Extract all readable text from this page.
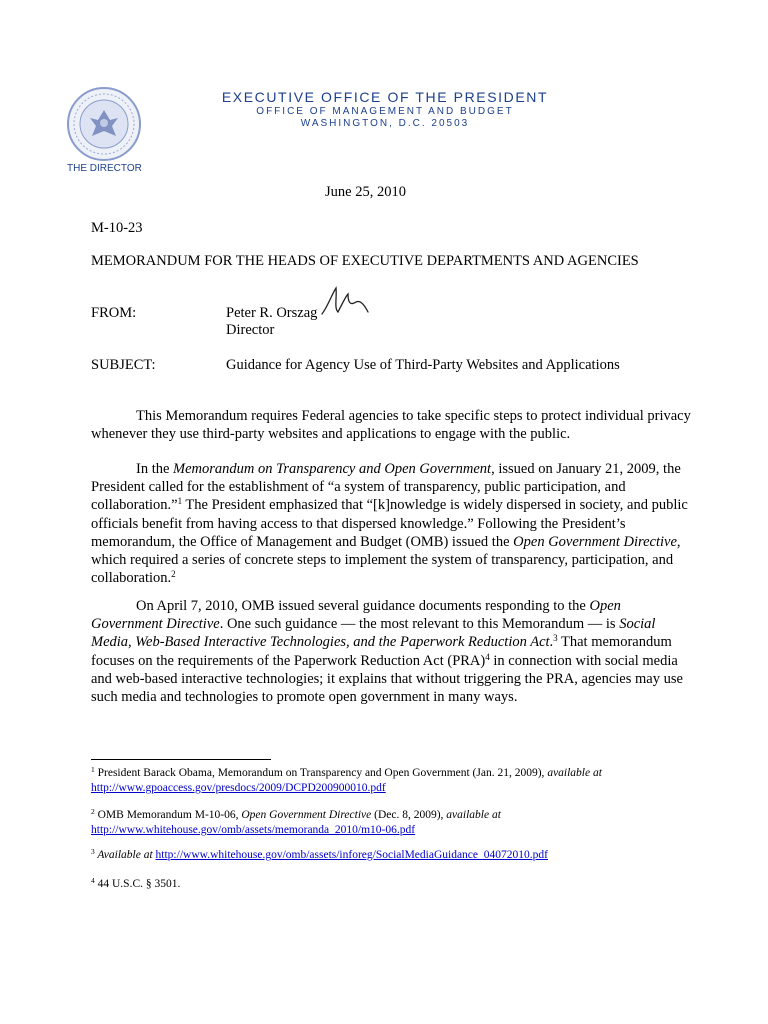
THE DIRECTOR
EXECUTIVE OFFICE OF THE PRESIDENT
OFFICE OF MANAGEMENT AND BUDGET
WASHINGTON, D.C. 20503
June 25, 2010
M-10-23
MEMORANDUM FOR THE HEADS OF EXECUTIVE DEPARTMENTS AND AGENCIES
FROM:	Peter R. Orszag
Director
SUBJECT:	Guidance for Agency Use of Third-Party Websites and Applications
This Memorandum requires Federal agencies to take specific steps to protect individual privacy whenever they use third-party websites and applications to engage with the public.
In the Memorandum on Transparency and Open Government, issued on January 21, 2009, the President called for the establishment of “a system of transparency, public participation, and collaboration.”$^1$ The President emphasized that “[k]nowledge is widely dispersed in society, and public officials benefit from having access to that dispersed knowledge.” Following the President’s memorandum, the Office of Management and Budget (OMB) issued the Open Government Directive, which required a series of concrete steps to implement the system of transparency, participation, and collaboration.$^2$
On April 7, 2010, OMB issued several guidance documents responding to the Open Government Directive. One such guidance — the most relevant to this Memorandum — is Social Media, Web-Based Interactive Technologies, and the Paperwork Reduction Act.$^3$ That memorandum focuses on the requirements of the Paperwork Reduction Act (PRA)$^4$ in connection with social media and web-based interactive technologies; it explains that without triggering the PRA, agencies may use such media and technologies to promote open government in many ways.
$^1$ President Barack Obama, Memorandum on Transparency and Open Government (Jan. 21, 2009), available at
http://www.gpoaccess.gov/presdocs/2009/DCPD200900010.pdf
$^2$ OMB Memorandum M-10-06, Open Government Directive (Dec. 8, 2009), available at
http://www.whitehouse.gov/omb/assets/memoranda_2010/m10-06.pdf
$^3$ Available at http://www.whitehouse.gov/omb/assets/inforeg/SocialMediaGuidance_04072010.pdf
$^4$ 44 U.S.C. § 3501.
